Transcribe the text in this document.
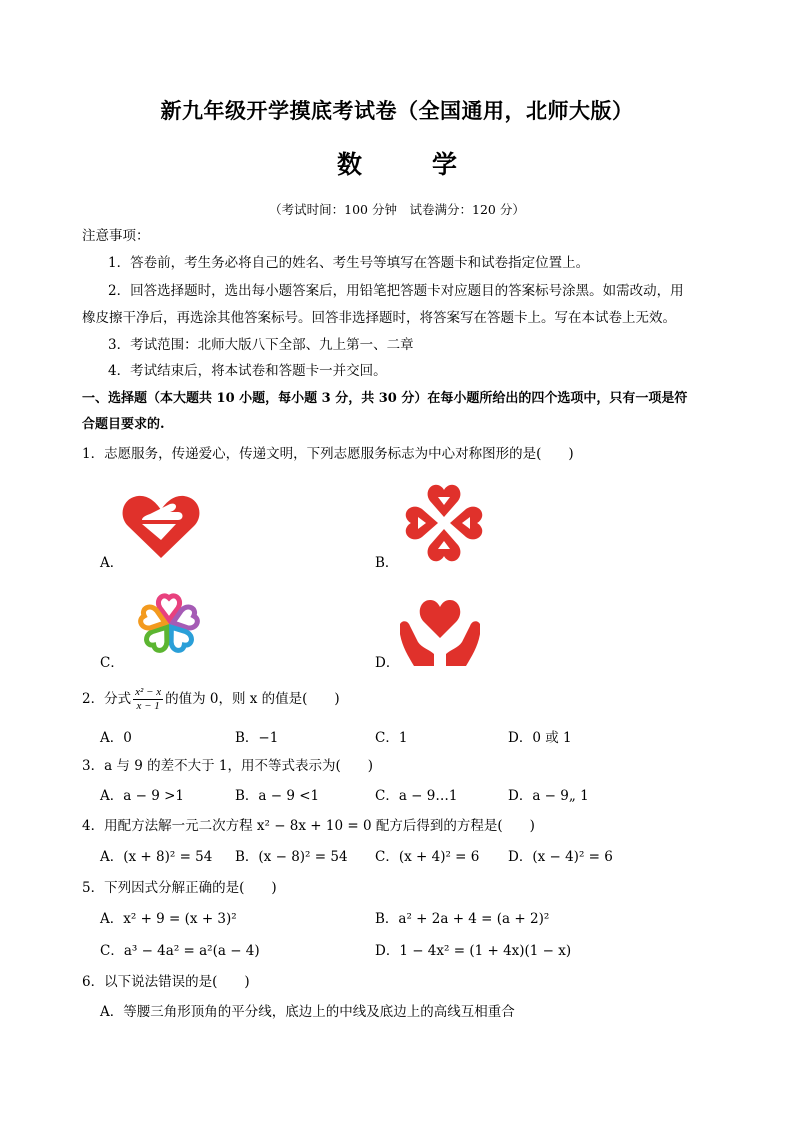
新九年级开学摸底考试卷（全国通用，北师大版）
数	学
（考试时间：100 分钟　试卷满分：120 分）
注意事项：
1．答卷前，考生务必将自己的姓名、考生号等填写在答题卡和试卷指定位置上。
2．回答选择题时，选出每小题答案后，用铅笔把答题卡对应题目的答案标号涂黑。如需改动，用
橡皮擦干净后，再选涂其他答案标号。回答非选择题时，将答案写在答题卡上。写在本试卷上无效。
3．考试范围：北师大版八下全部、九上第一、二章
4．考试结束后，将本试卷和答题卡一并交回。
一、选择题（本大题共 10 小题，每小题 3 分，共 30 分）在每小题所给出的四个选项中，只有一项是符
合题目要求的.
1．志愿服务，传递爱心，传递文明，下列志愿服务标志为中心对称图形的是(　　)
A．	B．
C．	D．
2．分式 $\frac{\text{x² − x}}{x - 1}$ 的值为 0，则 x 的值是(　　)
A．0	B．−1	C．1	D．0 或 1
3．a 与 9 的差不大于 1，用不等式表示为(　　)
A．a − 9 >1	B．a − 9 <1	C．a − 9…1	D．a − 9„ 1
4．用配方法解一元二次方程 x² − 8x + 10 = 0 配方后得到的方程是(　　)
A．(x + 8)² = 54 B．(x − 8)² = 54 C．(x + 4)² = 6 D．(x − 4)² = 6
5．下列因式分解正确的是(　　)
A．x² + 9 = (x + 3)²	B．a² + 2a + 4 = (a + 2)²
C．a³ − 4a² = a²(a − 4)	D．1 − 4x² = (1 + 4x)(1 − x)
6．以下说法错误的是(　　)
A．等腰三角形顶角的平分线，底边上的中线及底边上的高线互相重合
